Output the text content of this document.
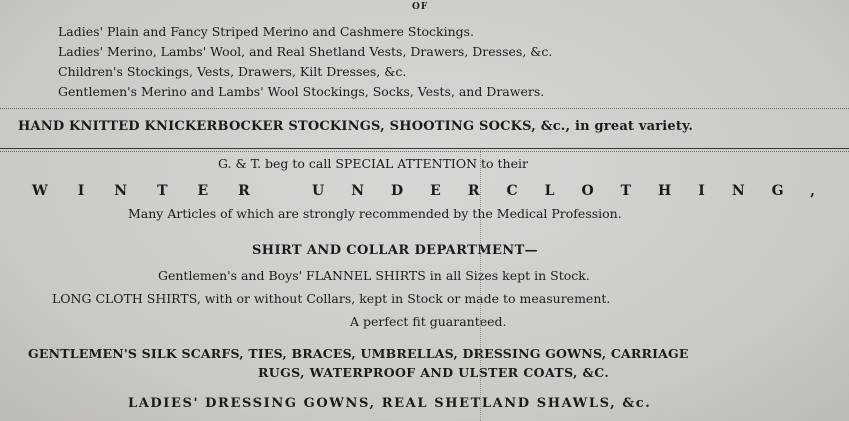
OF
Ladies' Plain and Fancy Striped Merino and Cashmere Stockings.
Ladies' Merino, Lambs' Wool, and Real Shetland Vests, Drawers, Dresses, &c.
Children's Stockings, Vests, Drawers, Kilt Dresses, &c.
Gentlemen's Merino and Lambs' Wool Stockings, Socks, Vests, and Drawers.
HAND KNITTED KNICKERBOCKER STOCKINGS, SHOOTING SOCKS, &c., in great variety.
G. & T. beg to call SPECIAL ATTENTION to their
WINTER UNDERCLOTHING,
Many Articles of which are strongly recommended by the Medical Profession.
SHIRT AND COLLAR DEPARTMENT—
Gentlemen's and Boys' FLANNEL SHIRTS in all Sizes kept in Stock.
LONG CLOTH SHIRTS, with or without Collars, kept in Stock or made to measurement.
A perfect fit guaranteed.
GENTLEMEN'S SILK SCARFS, TIES, BRACES, UMBRELLAS, DRESSING GOWNS, CARRIAGE
RUGS, WATERPROOF AND ULSTER COATS, &C.
LADIES' DRESSING GOWNS, REAL SHETLAND SHAWLS, &c.
